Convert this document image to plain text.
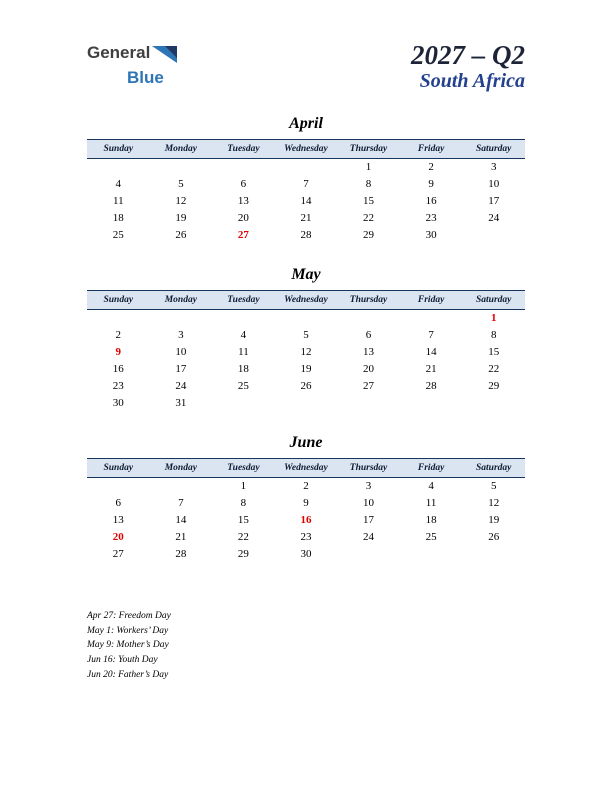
General
Blue
2027 – Q2
South Africa
April
Sunday	Monday	Tuesday	Wednesday	Thursday	Friday	Saturday
				1	2	3
4	5	6	7	8	9	10
11	12	13	14	15	16	17
18	19	20	21	22	23	24
25	26	27	28	29	30	
May
Sunday	Monday	Tuesday	Wednesday	Thursday	Friday	Saturday
						1
2	3	4	5	6	7	8
9	10	11	12	13	14	15
16	17	18	19	20	21	22
23	24	25	26	27	28	29
30	31					
June
Sunday	Monday	Tuesday	Wednesday	Thursday	Friday	Saturday
		1	2	3	4	5
6	7	8	9	10	11	12
13	14	15	16	17	18	19
20	21	22	23	24	25	26
27	28	29	30			
Apr 27: Freedom Day
May 1: Workers’ Day
May 9: Mother’s Day
Jun 16: Youth Day
Jun 20: Father’s Day
